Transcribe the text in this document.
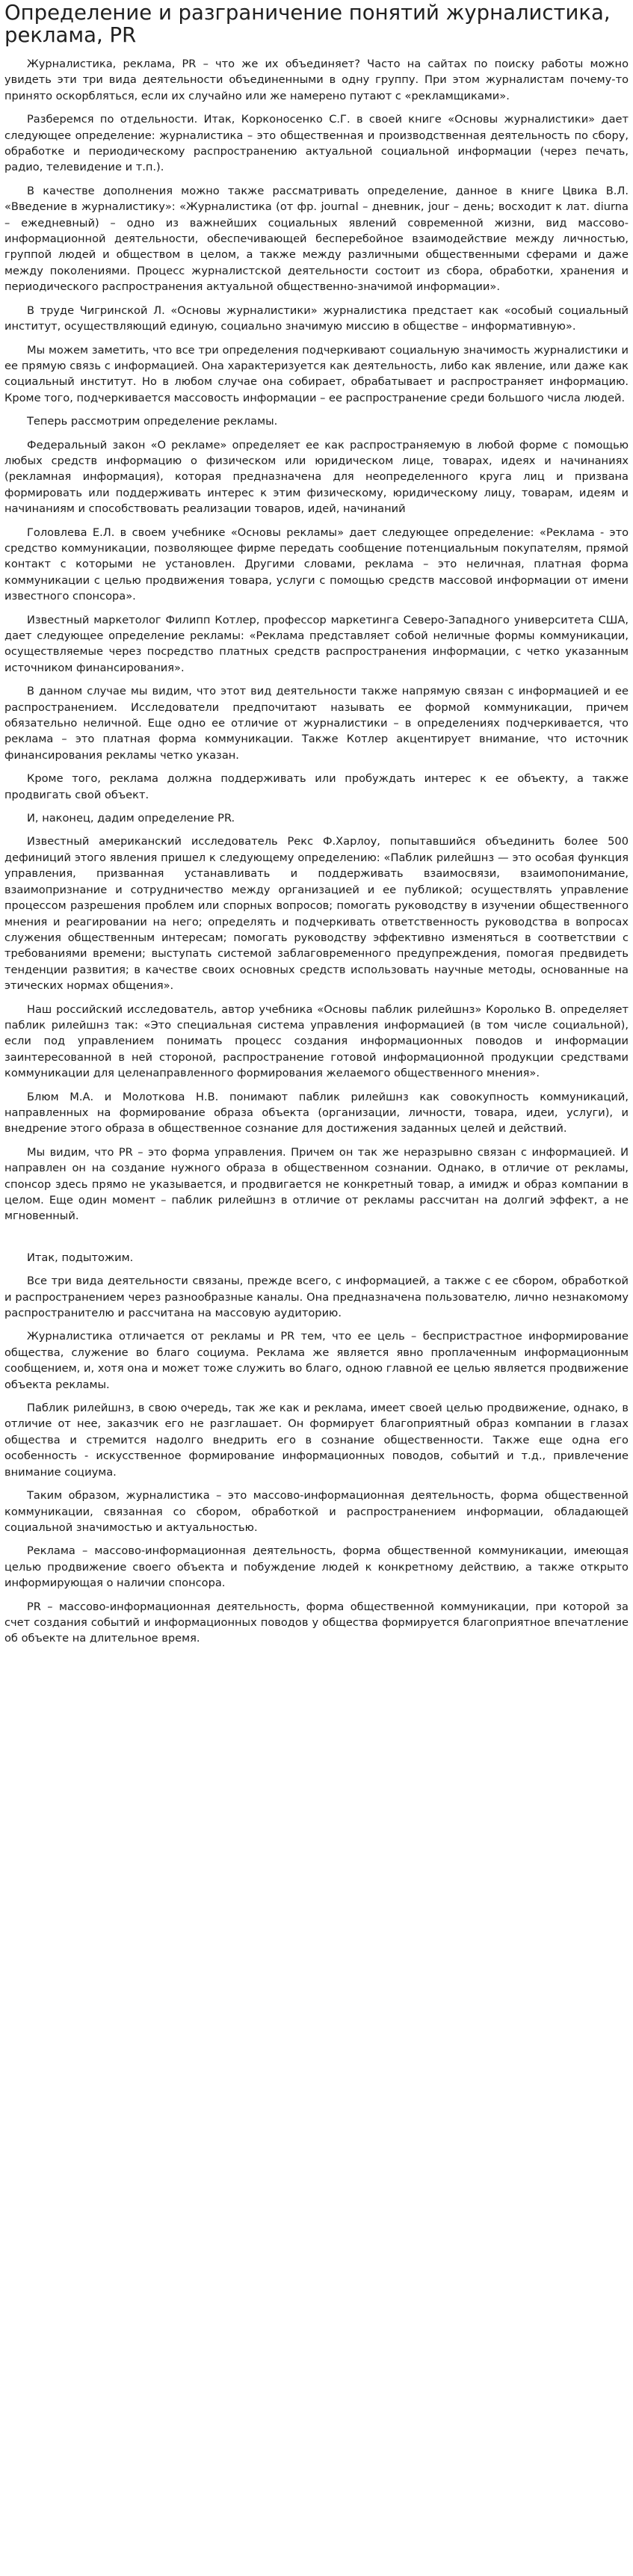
Определение и разграничение понятий журналистика, реклама, PR

Журналистика, реклама, PR – что же их объединяет? Часто на сайтах по поиску работы можно увидеть эти три вида деятельности объединенными в одну группу. При этом журналистам почему-то принято оскорбляться, если их случайно или же намерено путают с «рекламщиками».

Разберемся по отдельности. Итак, Корконосенко С.Г. в своей книге «Основы журналистики» дает следующее определение: журналистика – это общественная и производственная деятельность по сбору, обработке и периодическому распространению актуальной социальной информации (через печать, радио, телевидение и т.п.).

В качестве дополнения можно также рассматривать определение, данное в книге Цвика В.Л. «Введение в журналистику»: «Журналистика (от фр. journal – дневник, jour – день; восходит к лат. diurna – ежедневный) – одно из важнейших социальных явлений современной жизни, вид массово-информационной деятельности, обеспечивающей бесперебойное взаимодействие между личностью, группой людей и обществом в целом, а также между различными общественными сферами и даже между поколениями. Процесс журналистской деятельности состоит из сбора, обработки, хранения и периодического распространения актуальной общественно-значимой информации».

В труде Чигринской Л. «Основы журналистики» журналистика предстает как «особый социальный институт, осуществляющий единую, социально значимую миссию в обществе – информативную».

Мы можем заметить, что все три определения подчеркивают социальную значимость журналистики и ее прямую связь с информацией. Она характеризуется как деятельность, либо как явление, или даже как социальный институт. Но в любом случае она собирает, обрабатывает и распространяет информацию. Кроме того, подчеркивается массовость информации – ее распространение среди большого числа людей.

Теперь рассмотрим определение рекламы.

Федеральный закон «О рекламе» определяет ее как распространяемую в любой форме с помощью любых средств информацию о физическом или юридическом лице, товарах, идеях и начинаниях (рекламная информация), которая предназначена для неопределенного круга лиц и призвана формировать или поддерживать интерес к этим физическому, юридическому лицу, товарам, идеям и начинаниям и способствовать реализации товаров, идей, начинаний

Головлева Е.Л. в своем учебнике «Основы рекламы» дает следующее определение: «Реклама - это средство коммуникации, позволяющее фирме передать сообщение потенциальным покупателям, прямой контакт с которыми не установлен. Другими словами, реклама – это неличная, платная форма коммуникации с целью продвижения товара, услуги с помощью средств массовой информации от имени известного спонсора».

Известный маркетолог Филипп Котлер, профессор маркетинга Северо-Западного университета США, дает следующее определение рекламы: «Реклама представляет собой неличные формы коммуникации, осуществляемые через посредство платных средств распространения информации, с четко указанным источником финансирования».

В данном случае мы видим, что этот вид деятельности также напрямую связан с информацией и ее распространением. Исследователи предпочитают называть ее формой коммуникации, причем обязательно неличной. Еще одно ее отличие от журналистики – в определениях подчеркивается, что реклама – это платная форма коммуникации. Также Котлер акцентирует внимание, что источник финансирования рекламы четко указан.

Кроме того, реклама должна поддерживать или пробуждать интерес к ее объекту, а также продвигать свой объект.

И, наконец, дадим определение PR.

Известный американский исследователь Рекс Ф.Харлоу, попытавшийся объединить более 500 дефиниций этого явления пришел к следующему определению: «Паблик рилейшнз — это особая функция управления, призванная устанавливать и поддерживать взаимосвязи, взаимопонимание, взаимопризнание и сотрудничество между организацией и ее публикой; осуществлять управление процессом разрешения проблем или спорных вопросов; помогать руководству в изучении общественного мнения и реагировании на него; определять и подчеркивать ответственность руководства в вопросах служения общественным интересам; помогать руководству эффективно изменяться в соответствии с требованиями времени; выступать системой заблаговременного предупреждения, помогая предвидеть тенденции развития; в качестве своих основных средств использовать научные методы, основанные на этических нормах общения».

Наш российский исследователь, автор учебника «Основы паблик рилейшнз» Королько В. определяет паблик рилейшнз так: «Это специальная система управления информацией (в том числе социальной), если под управлением понимать процесс создания информационных поводов и информации заинтересованной в ней стороной, распространение готовой информационной продукции средствами коммуникации для целенаправленного формирования желаемого общественного мнения».

Блюм М.А. и Молоткова Н.В. понимают паблик рилейшнз как совокупность коммуникаций, направленных на формирование образа объекта (организации, личности, товара, идеи, услуги), и внедрение этого образа в общественное сознание для достижения заданных целей и действий.

Мы видим, что PR – это форма управления. Причем он так же неразрывно связан с информацией. И направлен он на создание нужного образа в общественном сознании. Однако, в отличие от рекламы, спонсор здесь прямо не указывается, и продвигается не конкретный товар, а имидж и образ компании в целом. Еще один момент – паблик рилейшнз в отличие от рекламы рассчитан на долгий эффект, а не мгновенный.

Итак, подытожим.

Все три вида деятельности связаны, прежде всего, с информацией, а также с ее сбором, обработкой и распространением через разнообразные каналы. Она предназначена пользователю, лично незнакомому распространителю и рассчитана на массовую аудиторию.

Журналистика отличается от рекламы и PR тем, что ее цель – беспристрастное информирование общества, служение во благо социума. Реклама же является явно проплаченным информационным сообщением, и, хотя она и может тоже служить во благо, одною главной ее целью является продвижение объекта рекламы.

Паблик рилейшнз, в свою очередь, так же как и реклама, имеет своей целью продвижение, однако, в отличие от нее, заказчик его не разглашает. Он формирует благоприятный образ компании в глазах общества и стремится надолго внедрить его в сознание общественности. Также еще одна его особенность - искусственное формирование информационных поводов, событий и т.д., привлечение внимание социума.

Таким образом, журналистика – это массово-информационная деятельность, форма общественной коммуникации, связанная со сбором, обработкой и распространением информации, обладающей социальной значимостью и актуальностью.

Реклама – массово-информационная деятельность, форма общественной коммуникации, имеющая целью продвижение своего объекта и побуждение людей к конкретному действию, а также открыто информирующая о наличии спонсора.

PR – массово-информационная деятельность, форма общественной коммуникации, при которой за счет создания событий и информационных поводов у общества формируется благоприятное впечатление об объекте на длительное время.
